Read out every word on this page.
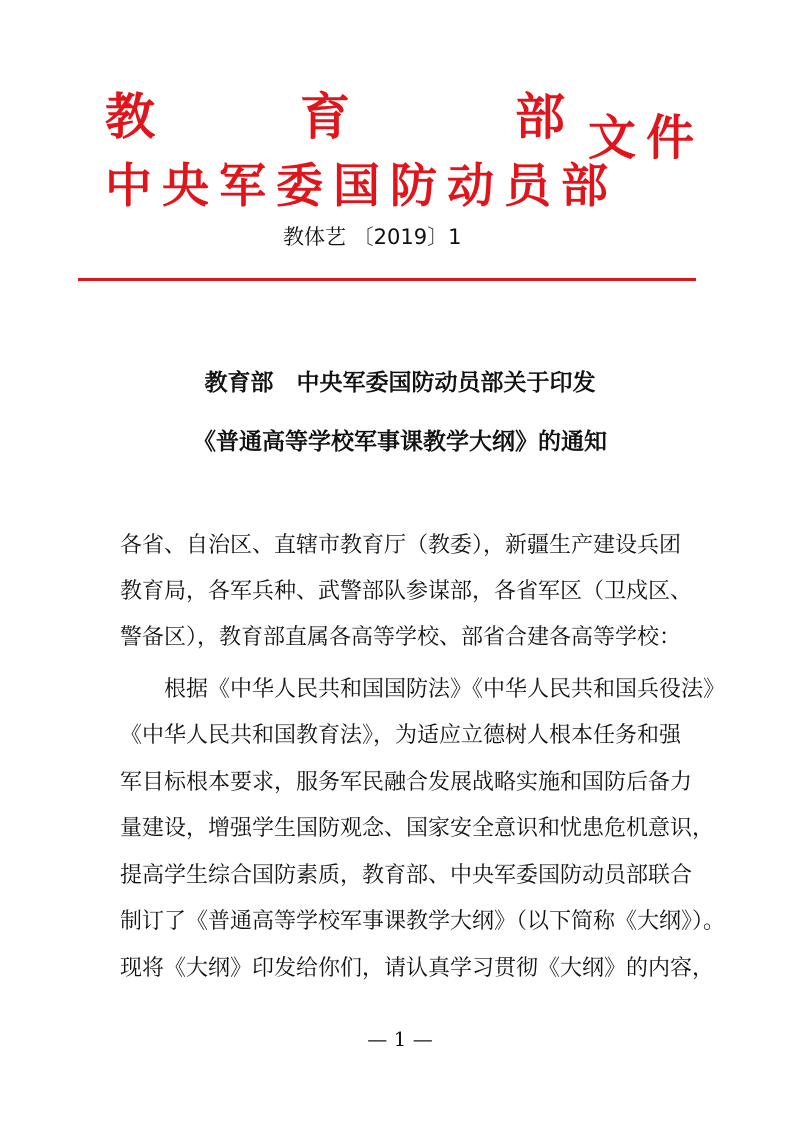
教	育	部
中央军委国防动员部
文件
教体艺 〔2019〕1
教育部　中央军委国防动员部关于印发
《普通高等学校军事课教学大纲》的通知
各省、自治区、直辖市教育厅（教委），新疆生产建设兵团
教育局，各军兵种、武警部队参谋部，各省军区（卫戍区、
警备区），教育部直属各高等学校、部省合建各高等学校：
　　根据《中华人民共和国国防法》《中华人民共和国兵役法》
《中华人民共和国教育法》，为适应立德树人根本任务和强
军目标根本要求，服务军民融合发展战略实施和国防后备力
量建设，增强学生国防观念、国家安全意识和忧患危机意识，
提高学生综合国防素质，教育部、中央军委国防动员部联合
制订了《普通高等学校军事课教学大纲》（以下简称《大纲》）。
现将《大纲》印发给你们，请认真学习贯彻《大纲》的内容，
— 1 —
